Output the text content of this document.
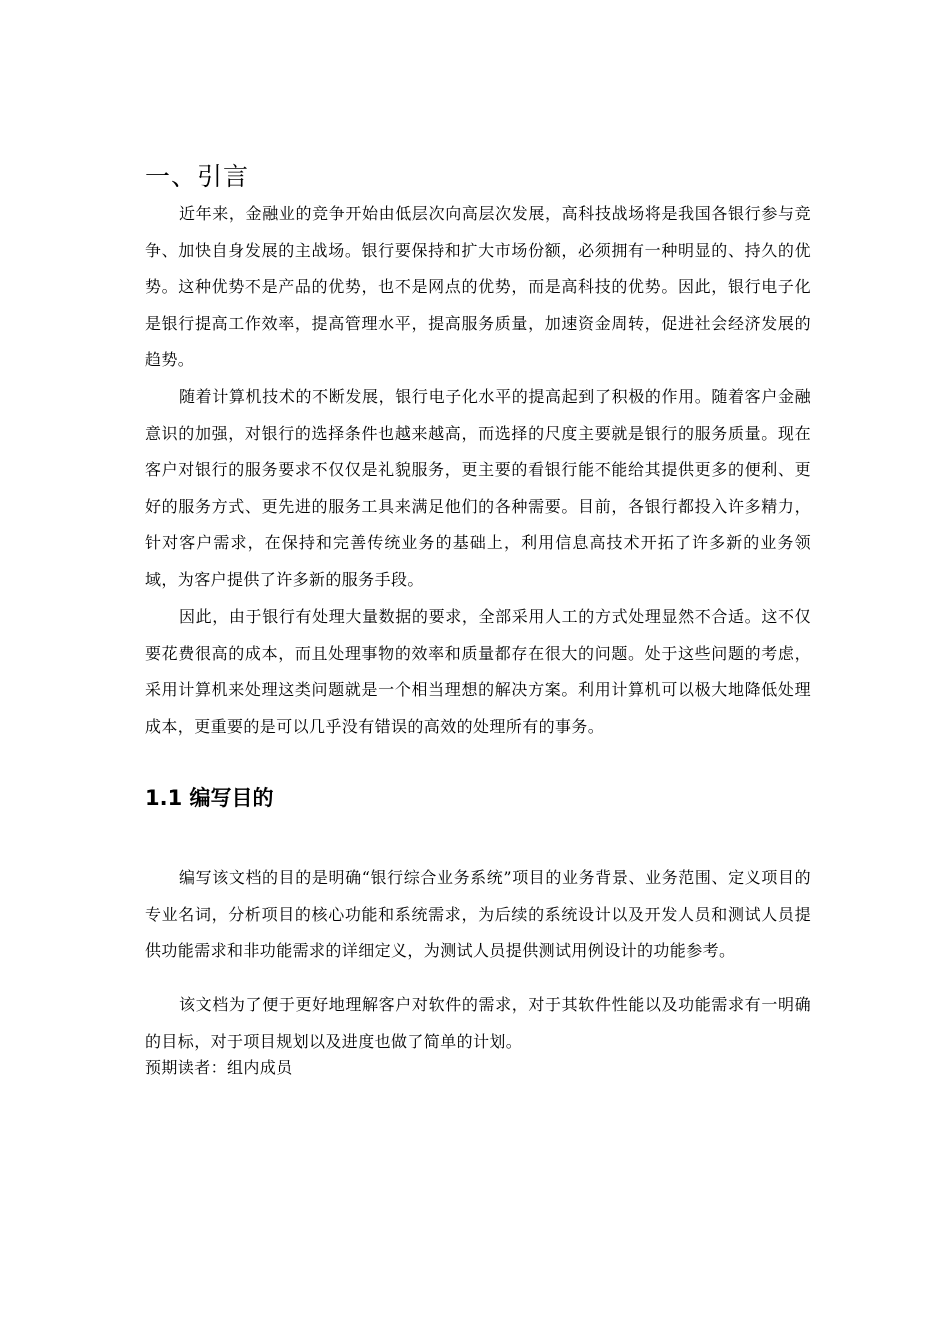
一、引言

近年来，金融业的竞争开始由低层次向高层次发展，高科技战场将是我国各银行参与竞争、加快自身发展的主战场。银行要保持和扩大市场份额，必须拥有一种明显的、持久的优势。这种优势不是产品的优势，也不是网点的优势，而是高科技的优势。因此，银行电子化是银行提高工作效率，提高管理水平，提高服务质量，加速资金周转，促进社会经济发展的趋势。

随着计算机技术的不断发展，银行电子化水平的提高起到了积极的作用。随着客户金融意识的加强，对银行的选择条件也越来越高，而选择的尺度主要就是银行的服务质量。现在客户对银行的服务要求不仅仅是礼貌服务，更主要的看银行能不能给其提供更多的便利、更好的服务方式、更先进的服务工具来满足他们的各种需要。目前，各银行都投入许多精力，针对客户需求，在保持和完善传统业务的基础上，利用信息高技术开拓了许多新的业务领域，为客户提供了许多新的服务手段。

因此，由于银行有处理大量数据的要求，全部采用人工的方式处理显然不合适。这不仅要花费很高的成本，而且处理事物的效率和质量都存在很大的问题。处于这些问题的考虑，采用计算机来处理这类问题就是一个相当理想的解决方案。利用计算机可以极大地降低处理成本，更重要的是可以几乎没有错误的高效的处理所有的事务。

1.1 编写目的

编写该文档的目的是明确“银行综合业务系统”项目的业务背景、业务范围、定义项目的专业名词，分析项目的核心功能和系统需求，为后续的系统设计以及开发人员和测试人员提供功能需求和非功能需求的详细定义，为测试人员提供测试用例设计的功能参考。

该文档为了便于更好地理解客户对软件的需求，对于其软件性能以及功能需求有一明确的目标，对于项目规划以及进度也做了简单的计划。

预期读者：组内成员
